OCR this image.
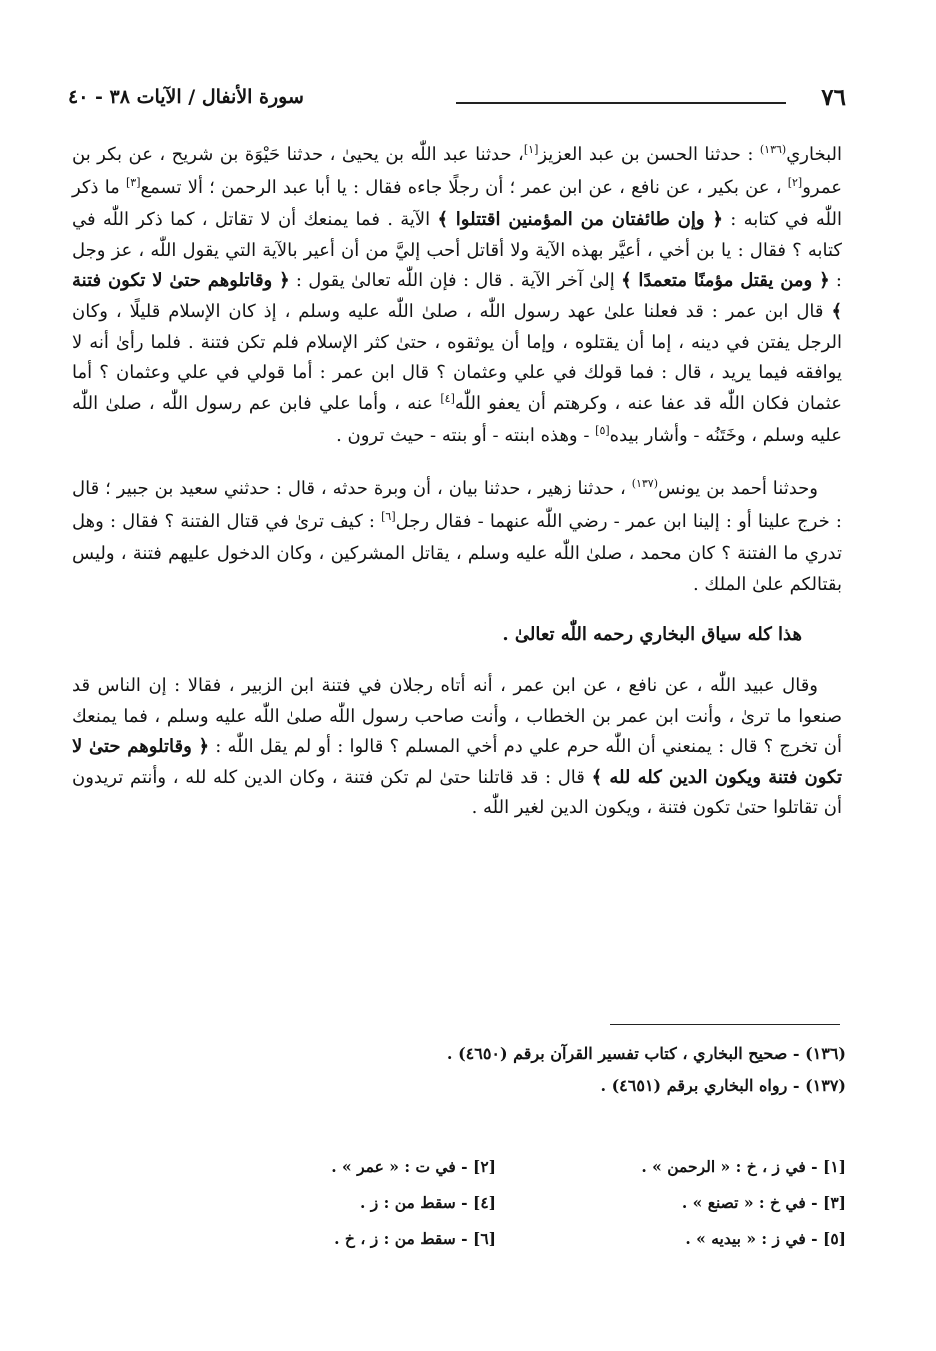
٧٦
سورة الأنفال / الآيات ٣٨ - ٤٠

البخاري$^{(١٣٦)}$ : حدثنا الحسن بن عبد العزيز[١]، حدثنا عبد اللّٰه بن يحيىٰ ، حدثنا حَيْوَة بن شريح ، عن بكر بن عمرو[٢] ، عن بكير ، عن نافع ، عن ابن عمر ؛ أن رجلًا جاءه فقال : يا أبا عبد الرحمن ؛ ألا تسمع[٣] ما ذكر اللّٰه في كتابه : ﴿ وإن طائفتان من المؤمنين اقتتلوا ﴾ الآية . فما يمنعك أن لا تقاتل ، كما ذكر اللّٰه في كتابه ؟ فقال : يا بن أخي ، أعيَّر بهذه الآية ولا أقاتل أحب إليَّ من أن أعير بالآية التي يقول اللّٰه ، عز وجل : ﴿ ومن يقتل مؤمنًا متعمدًا ﴾ إلىٰ آخر الآية . قال : فإن اللّٰه تعالىٰ يقول : ﴿ وقاتلوهم حتىٰ لا تكون فتنة ﴾ قال ابن عمر : قد فعلنا علىٰ عهد رسول اللّٰه ، صلىٰ اللّٰه عليه وسلم ، إذ كان الإسلام قليلًا ، وكان الرجل يفتن في دينه ، إما أن يقتلوه ، وإما أن يوثقوه ، حتىٰ كثر الإسلام فلم تكن فتنة . فلما رأىٰ أنه لا يوافقه فيما يريد ، قال : فما قولك في علي وعثمان ؟ قال ابن عمر : أما قولي في علي وعثمان ؟ أما عثمان فكان اللّٰه قد عفا عنه ، وكرهتم أن يعفو اللّٰه[٤] عنه ، وأما علي فابن عم رسول اللّٰه ، صلىٰ اللّٰه عليه وسلم ، وخَتَنُه - وأشار بيده[٥] - وهذه ابنته - أو بنته - حيث ترون .

وحدثنا أحمد بن يونس$^{(١٣٧)}$ ، حدثنا زهير ، حدثنا بيان ، أن وبرة حدثه ، قال : حدثني سعيد بن جبير ؛ قال : خرج علينا أو : إلينا ابن عمر - رضي اللّٰه عنهما - فقال رجل[٦] : كيف ترىٰ في قتال الفتنة ؟ فقال : وهل تدري ما الفتنة ؟ كان محمد ، صلىٰ اللّٰه عليه وسلم ، يقاتل المشركين ، وكان الدخول عليهم فتنة ، وليس بقتالكم علىٰ الملك .

هذا كله سياق البخاري رحمه اللّٰه تعالىٰ .

وقال عبيد اللّٰه ، عن نافع ، عن ابن عمر ، أنه أتاه رجلان في فتنة ابن الزبير ، فقالا : إن الناس قد صنعوا ما ترىٰ ، وأنت ابن عمر بن الخطاب ، وأنت صاحب رسول اللّٰه صلىٰ اللّٰه عليه وسلم ، فما يمنعك أن تخرج ؟ قال : يمنعني أن اللّٰه حرم علي دم أخي المسلم ؟ قالوا : أو لم يقل اللّٰه : ﴿ وقاتلوهم حتىٰ لا تكون فتنة ويكون الدين كله لله ﴾ قال : قد قاتلنا حتىٰ لم تكن فتنة ، وكان الدين كله لله ، وأنتم تريدون أن تقاتلوا حتىٰ تكون فتنة ، ويكون الدين لغير اللّٰه .

(١٣٦) - صحيح البخاري ، كتاب تفسير القرآن برقم (٤٦٥٠) .
(١٣٧) - رواه البخاري برقم (٤٦٥١) .
[١] - في ز ، خ : « الرحمن » .
[٢] - في ت : « عمر » .
[٣] - في خ : « تصنع » .
[٤] - سقط من : ز .
[٥] - في ز : « بيديه » .
[٦] - سقط من : ز ، خ .
